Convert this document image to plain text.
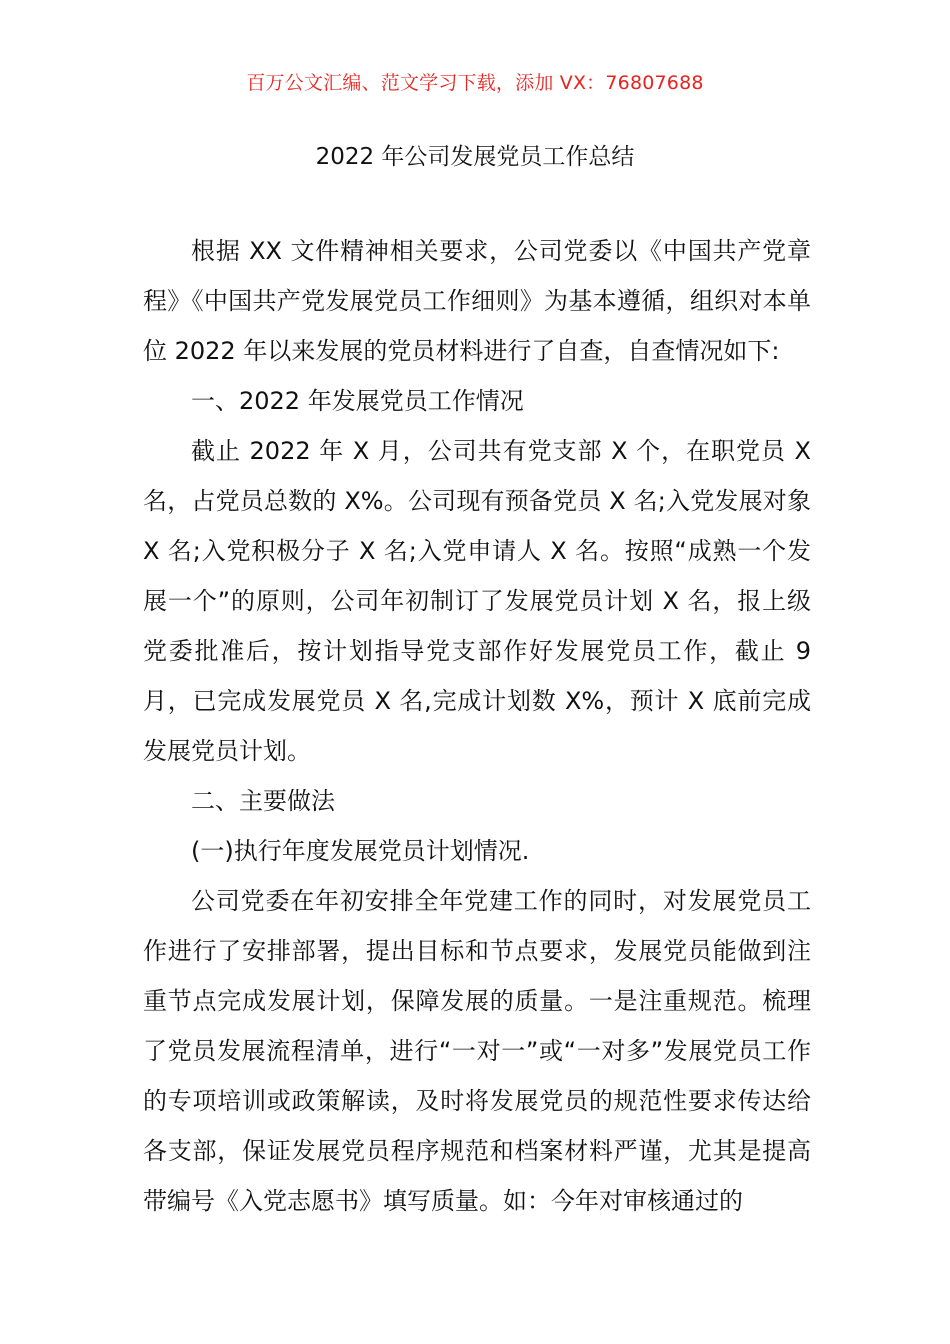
百万公文汇编、范文学习下载，添加 VX：76807688
2022 年公司发展党员工作总结

根据 XX 文件精神相关要求，公司党委以《中国共产党章程》《中国共产党发展党员工作细则》为基本遵循，组织对本单位 2022 年以来发展的党员材料进行了自查，自查情况如下:

一、2022 年发展党员工作情况

截止 2022 年 X 月，公司共有党支部 X 个，在职党员 X 名，占党员总数的 X%。公司现有预备党员 X 名;入党发展对象 X 名;入党积极分子 X 名;入党申请人 X 名。按照“成熟一个发展一个”的原则，公司年初制订了发展党员计划 X 名，报上级党委批准后，按计划指导党支部作好发展党员工作，截止 9 月，已完成发展党员 X 名,完成计划数 X%，预计 X 底前完成发展党员计划。

二、主要做法

(一)执行年度发展党员计划情况.

公司党委在年初安排全年党建工作的同时，对发展党员工作进行了安排部署，提出目标和节点要求，发展党员能做到注重节点完成发展计划，保障发展的质量。一是注重规范。梳理了党员发展流程清单，进行“一对一”或“一对多”发展党员工作的专项培训或政策解读，及时将发展党员的规范性要求传达给各支部，保证发展党员程序规范和档案材料严谨，尤其是提高带编号《入党志愿书》填写质量。如：今年对审核通过的
